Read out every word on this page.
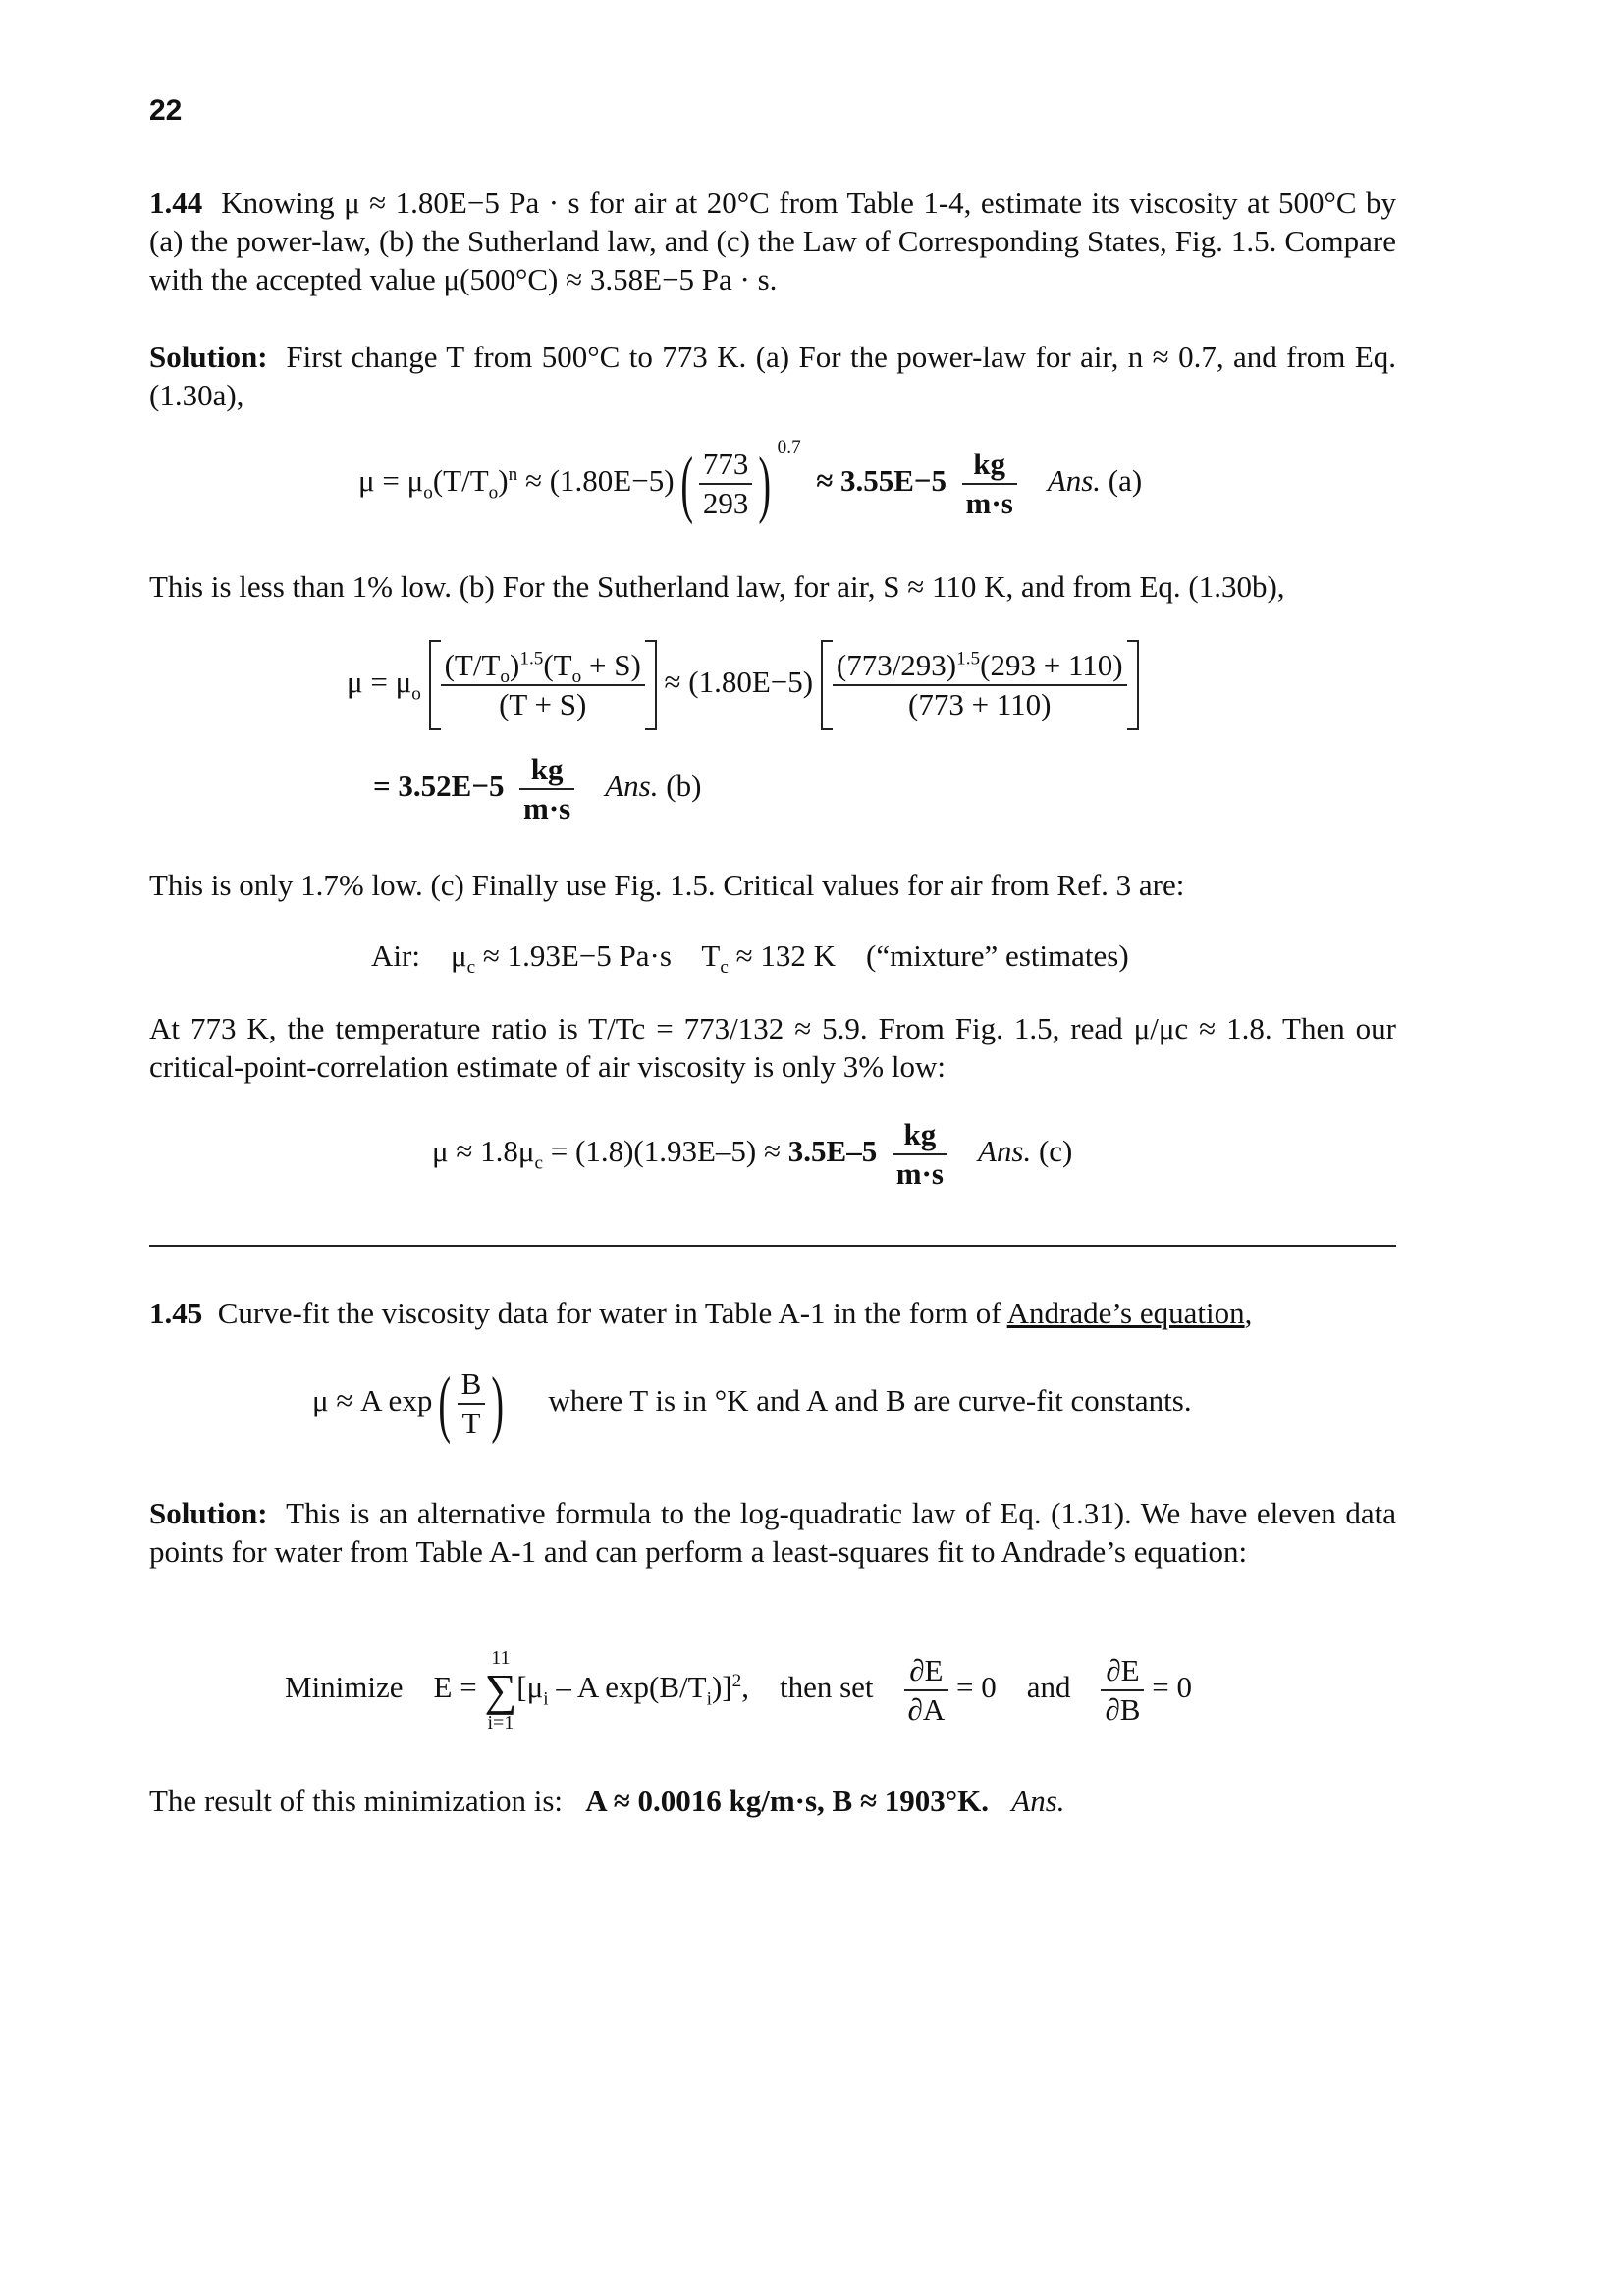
22
1.44 Knowing μ ≈ 1.80E−5 Pa · s for air at 20°C from Table 1-4, estimate its viscosity at 500°C by (a) the power-law, (b) the Sutherland law, and (c) the Law of Corresponding States, Fig. 1.5. Compare with the accepted value μ(500°C) ≈ 3.58E−5 Pa · s.
Solution: First change T from 500°C to 773 K. (a) For the power-law for air, n ≈ 0.7, and from Eq. (1.30a),
$\mu = \mu_o(T/T_o)^n \approx (1.80E-5)( \frac{773}{293}$ ) $^{0.7} \approx 3.55E-5 \frac{kg}{m\cdot s}$ Ans. (a)
This is less than 1% low. (b) For the Sutherland law, for air, S ≈ 110 K, and from Eq. (1.30b),
$\mu = \mu_o \frac{(T/T_o)^{1.5}(T_o + S)}{(T + S)} \approx (1.80E-5) \frac{(773/293)^{1.5}(293 + 110)}{(773 + 110)}$
= $3.52E-5 \frac{kg}{m\cdot s}$ Ans. (b)
This is only 1.7% low. (c) Finally use Fig. 1.5. Critical values for air from Ref. 3 are:
Air: $\mu_c \approx 1.93E-5$ Pa·s $T_c \approx 132$ K (“mixture” estimates)
At 773 K, the temperature ratio is T/Tc = 773/132 ≈ 5.9. From Fig. 1.5, read μ/μc ≈ 1.8. Then our critical-point-correlation estimate of air viscosity is only 3% low:
$\mu \approx 1.8\mu_c = (1.8)(1.93E-5) \approx 3.5E-5 \frac{kg}{m\cdot s}$ Ans. (c)
1.45 Curve-fit the viscosity data for water in Table A-1 in the form of Andrade’s equation,
μ ≈ A $\exp( \frac{B}{T}$ ) where T is in °K and A and B are curve-fit constants.
Solution: This is an alternative formula to the log-quadratic law of Eq. (1.31). We have eleven data points for water from Table A-1 and can perform a least-squares fit to Andrade’s equation:
Minimize E = 11
∑
$i=1[\mu_i - A$ $\exp(B/T_i)]^2$, then set $\frac{\partial E}{\partial A} = 0$ and $\frac{\partial E}{\partial B} = 0$
The result of this minimization is: A ≈ 0.0016 kg/m·s, B ≈ 1903°K. Ans.
